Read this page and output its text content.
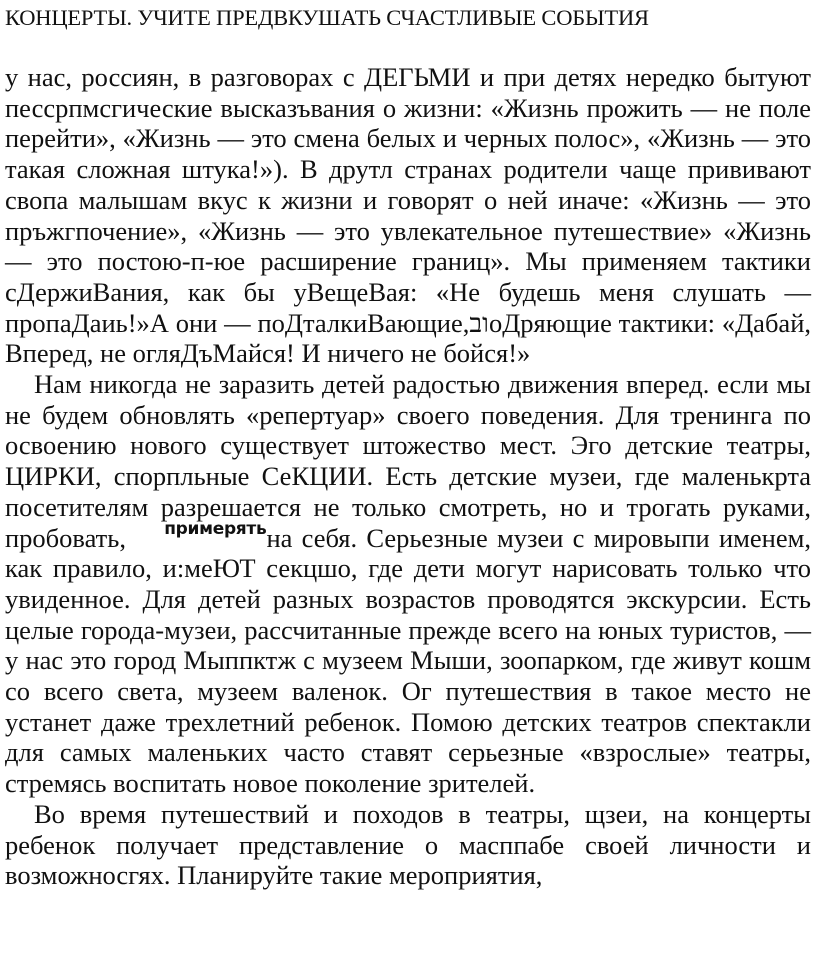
КОНЦЕРТЫ. УЧИТЕ ПРЕДВКУШАТЬ СЧАСТЛИВЫЕ СОБЫТИЯ

у нас, россиян, в разговорах с ДЕГЬМИ и при детях нередко бытуют пессрпмсгические высказъвания о жизни: «Жизнь прожить — не поле перейти», «Жизнь — это смена белых и черных полос», «Жизнь — это такая сложная штука!»). В друтл странах родители чаще прививают свопа малышам вкус к жизни и говорят о ней иначе: «Жизнь — это пръжгпочение», «Жизнь — это увлекательное путешествие» «Жизнь — это постою-п-юе расширение границ». Мы применяем тактики сДержиВания, как бы уВещеВая: «Не будешь меня слушать — пропаДаиь!»А они — поДталкиВающие,ובоДряющие тактики: «Дабай, Вперед, не огляДъМайся! И ничего не бойся!»

Нам никогда не заразить детей радостью движения вперед. если мы не будем обновлять «репертуар» своего поведения. Для тренинга по освоению нового существует штожество мест. Эго детские театры, ЦИРКИ, спорпльные СеКЦИИ. Есть детские музеи, где маленькрта посетителям разрешается не только смотреть, но и трогать руками, пробовать, примерятьна себя. Серьезные музеи с мировыпи именем, как правило, и:меЮТ секцшо, где дети могут нарисовать только что увиденное. Для детей разных возрастов проводятся экскурсии. Есть целые города-музеи, рассчитанные прежде всего на юных туристов, — у нас это город Мыппктж с музеем Мыши, зоопарком, где живут кошм со всего света, музеем валенок. Ог путешествия в такое место не устанет даже трехлетний ребенок. Помою детских театров спектакли для самых маленьких часто ставят серьезные «взрослые» театры, стремясь воспитать новое поколение зрителей.

Во время путешествий и походов в театры, щзеи, на концерты ребенок получает представление о масппабе своей личности и возможносгях. Планируйте такие мероприятия,
